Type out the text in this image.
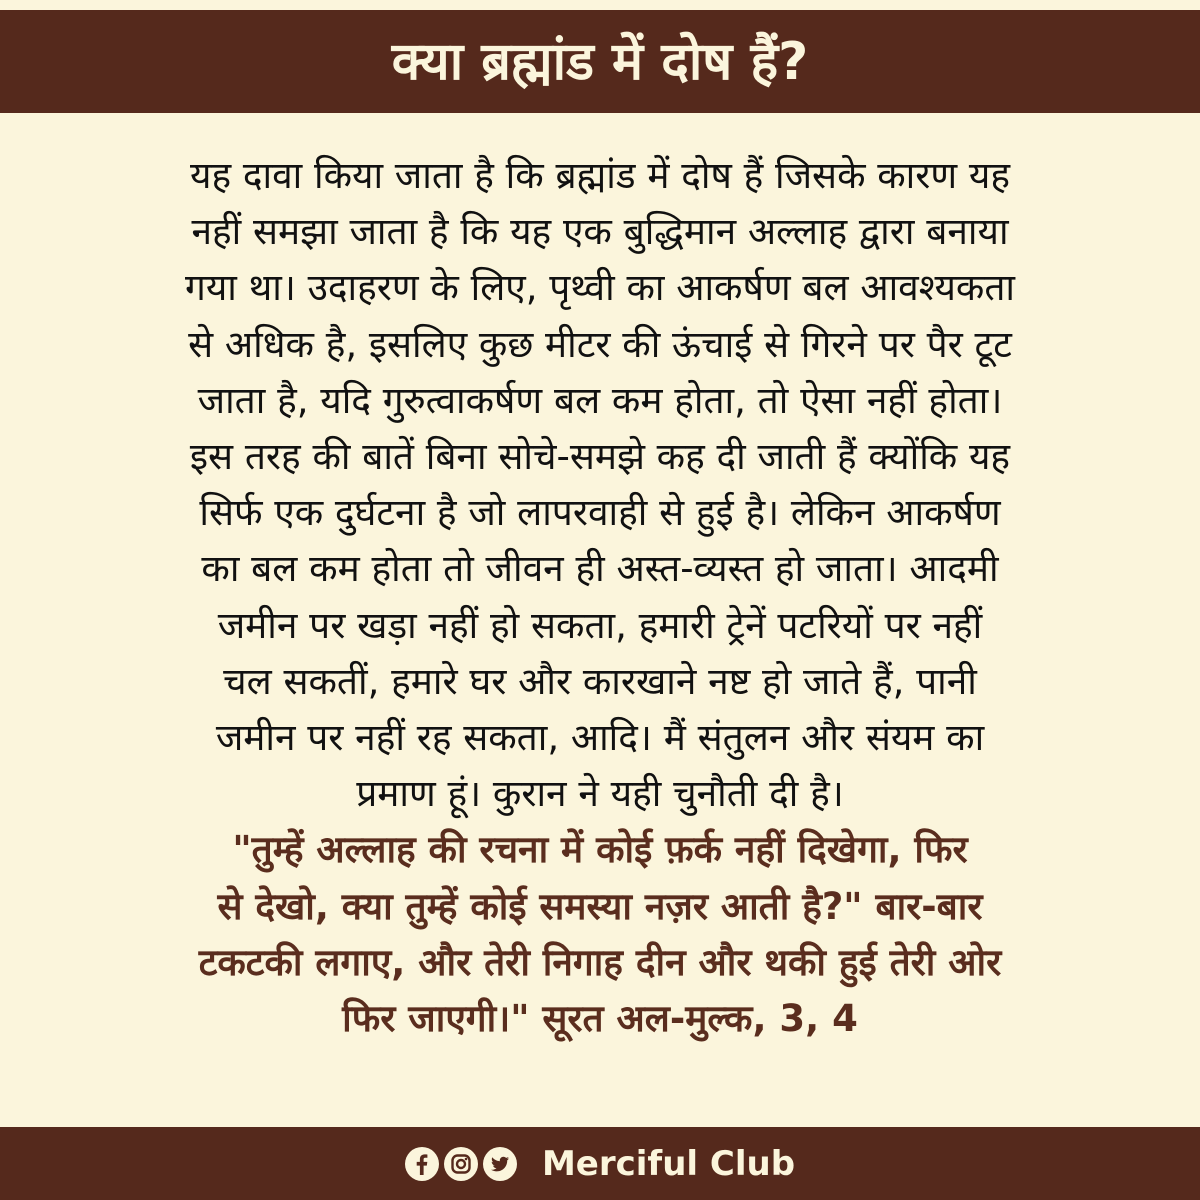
क्या ब्रह्मांड में दोष हैं?
यह दावा किया जाता है कि ब्रह्मांड में दोष हैं जिसके कारण यह
नहीं समझा जाता है कि यह एक बुद्धिमान अल्लाह द्वारा बनाया
गया था। उदाहरण के लिए, पृथ्वी का आकर्षण बल आवश्यकता
से अधिक है, इसलिए कुछ मीटर की ऊंचाई से गिरने पर पैर टूट
जाता है, यदि गुरुत्वाकर्षण बल कम होता, तो ऐसा नहीं होता।
इस तरह की बातें बिना सोचे-समझे कह दी जाती हैं क्योंकि यह
सिर्फ एक दुर्घटना है जो लापरवाही से हुई है। लेकिन आकर्षण
का बल कम होता तो जीवन ही अस्त-व्यस्त हो जाता। आदमी
जमीन पर खड़ा नहीं हो सकता, हमारी ट्रेनें पटरियों पर नहीं
चल सकतीं, हमारे घर और कारखाने नष्ट हो जाते हैं, पानी
जमीन पर नहीं रह सकता, आदि। मैं संतुलन और संयम का
प्रमाण हूं। कुरान ने यही चुनौती दी है।
"तुम्हें अल्लाह की रचना में कोई फ़र्क नहीं दिखेगा, फिर
से देखो, क्या तुम्हें कोई समस्या नज़र आती है?" बार-बार
टकटकी लगाए, और तेरी निगाह दीन और थकी हुई तेरी ओर
फिर जाएगी।" सूरत अल-मुल्क, 3, 4
Merciful Club
